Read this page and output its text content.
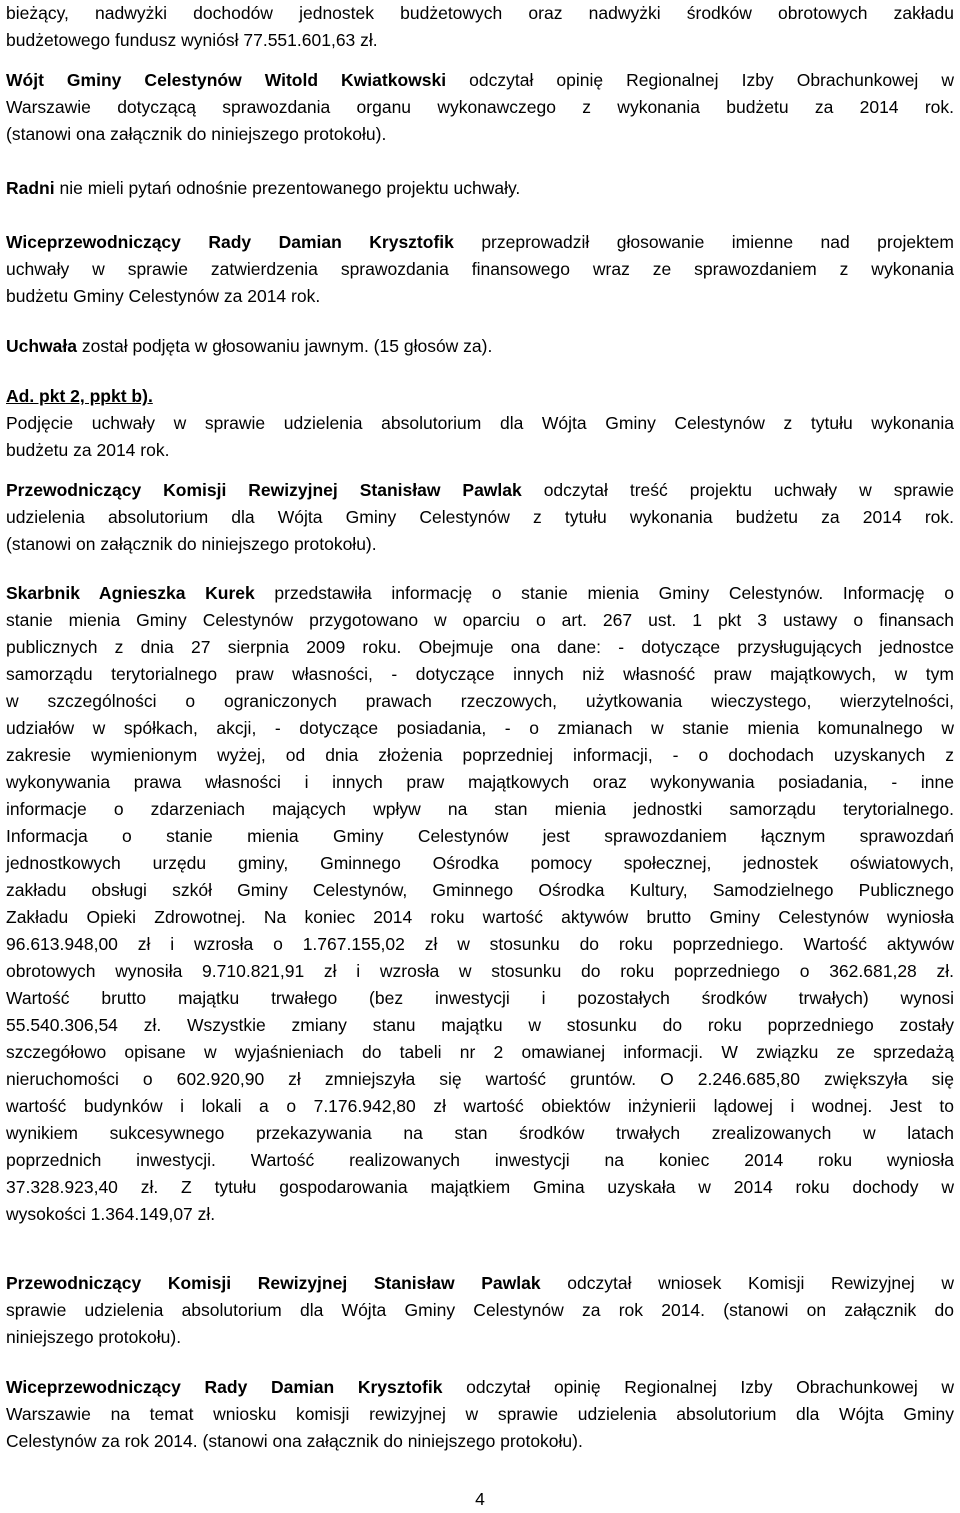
bieżący, nadwyżki dochodów jednostek budżetowych oraz nadwyżki środków obrotowych zakładu
budżetowego fundusz wyniósł 77.551.601,63 zł.
Wójt Gminy Celestynów Witold Kwiatkowski odczytał opinię Regionalnej Izby Obrachunkowej w
Warszawie dotyczącą sprawozdania organu wykonawczego z wykonania budżetu za 2014 rok.
(stanowi ona załącznik do niniejszego protokołu).
Radni nie mieli pytań odnośnie prezentowanego projektu uchwały.
Wiceprzewodniczący Rady Damian Krysztofik przeprowadził głosowanie imienne nad projektem
uchwały w sprawie zatwierdzenia sprawozdania finansowego wraz ze sprawozdaniem z wykonania
budżetu Gminy Celestynów za 2014 rok.
Uchwała został podjęta w głosowaniu jawnym. (15 głosów za).
Ad. pkt 2, ppkt b).
Podjęcie uchwały w sprawie udzielenia absolutorium dla Wójta Gminy Celestynów z tytułu wykonania
budżetu za 2014 rok.
Przewodniczący Komisji Rewizyjnej Stanisław Pawlak odczytał treść projektu uchwały w sprawie
udzielenia absolutorium dla Wójta Gminy Celestynów z tytułu wykonania budżetu za 2014 rok.
(stanowi on załącznik do niniejszego protokołu).
Skarbnik Agnieszka Kurek przedstawiła informację o stanie mienia Gminy Celestynów. Informację o
stanie mienia Gminy Celestynów przygotowano w oparciu o art. 267 ust. 1 pkt 3 ustawy o finansach
publicznych z dnia 27 sierpnia 2009 roku. Obejmuje ona dane: - dotyczące przysługujących jednostce
samorządu terytorialnego praw własności, - dotyczące innych niż własność praw majątkowych, w tym
w szczególności o ograniczonych prawach rzeczowych, użytkowania wieczystego, wierzytelności,
udziałów w spółkach, akcji, - dotyczące posiadania, - o zmianach w stanie mienia komunalnego w
zakresie wymienionym wyżej, od dnia złożenia poprzedniej informacji, - o dochodach uzyskanych z
wykonywania prawa własności i innych praw majątkowych oraz wykonywania posiadania, - inne
informacje o zdarzeniach mających wpływ na stan mienia jednostki samorządu terytorialnego.
Informacja o stanie mienia Gminy Celestynów jest sprawozdaniem łącznym sprawozdań
jednostkowych urzędu gminy, Gminnego Ośrodka pomocy społecznej, jednostek oświatowych,
zakładu obsługi szkół Gminy Celestynów, Gminnego Ośrodka Kultury, Samodzielnego Publicznego
Zakładu Opieki Zdrowotnej. Na koniec 2014 roku wartość aktywów brutto Gminy Celestynów wyniosła
96.613.948,00 zł i wzrosła o 1.767.155,02 zł w stosunku do roku poprzedniego. Wartość aktywów
obrotowych wynosiła 9.710.821,91 zł i wzrosła w stosunku do roku poprzedniego o 362.681,28 zł.
Wartość brutto majątku trwałego (bez inwestycji i pozostałych środków trwałych) wynosi
55.540.306,54 zł. Wszystkie zmiany stanu majątku w stosunku do roku poprzedniego zostały
szczegółowo opisane w wyjaśnieniach do tabeli nr 2 omawianej informacji. W związku ze sprzedażą
nieruchomości o 602.920,90 zł zmniejszyła się wartość gruntów. O 2.246.685,80 zwiększyła się
wartość budynków i lokali a o 7.176.942,80 zł wartość obiektów inżynierii lądowej i wodnej. Jest to
wynikiem sukcesywnego przekazywania na stan środków trwałych zrealizowanych w latach
poprzednich inwestycji. Wartość realizowanych inwestycji na koniec 2014 roku wyniosła
37.328.923,40 zł. Z tytułu gospodarowania majątkiem Gmina uzyskała w 2014 roku dochody w
wysokości 1.364.149,07 zł.
Przewodniczący Komisji Rewizyjnej Stanisław Pawlak odczytał wniosek Komisji Rewizyjnej w
sprawie udzielenia absolutorium dla Wójta Gminy Celestynów za rok 2014. (stanowi on załącznik do
niniejszego protokołu).
Wiceprzewodniczący Rady Damian Krysztofik odczytał opinię Regionalnej Izby Obrachunkowej w
Warszawie na temat wniosku komisji rewizyjnej w sprawie udzielenia absolutorium dla Wójta Gminy
Celestynów za rok 2014. (stanowi ona załącznik do niniejszego protokołu).
4
